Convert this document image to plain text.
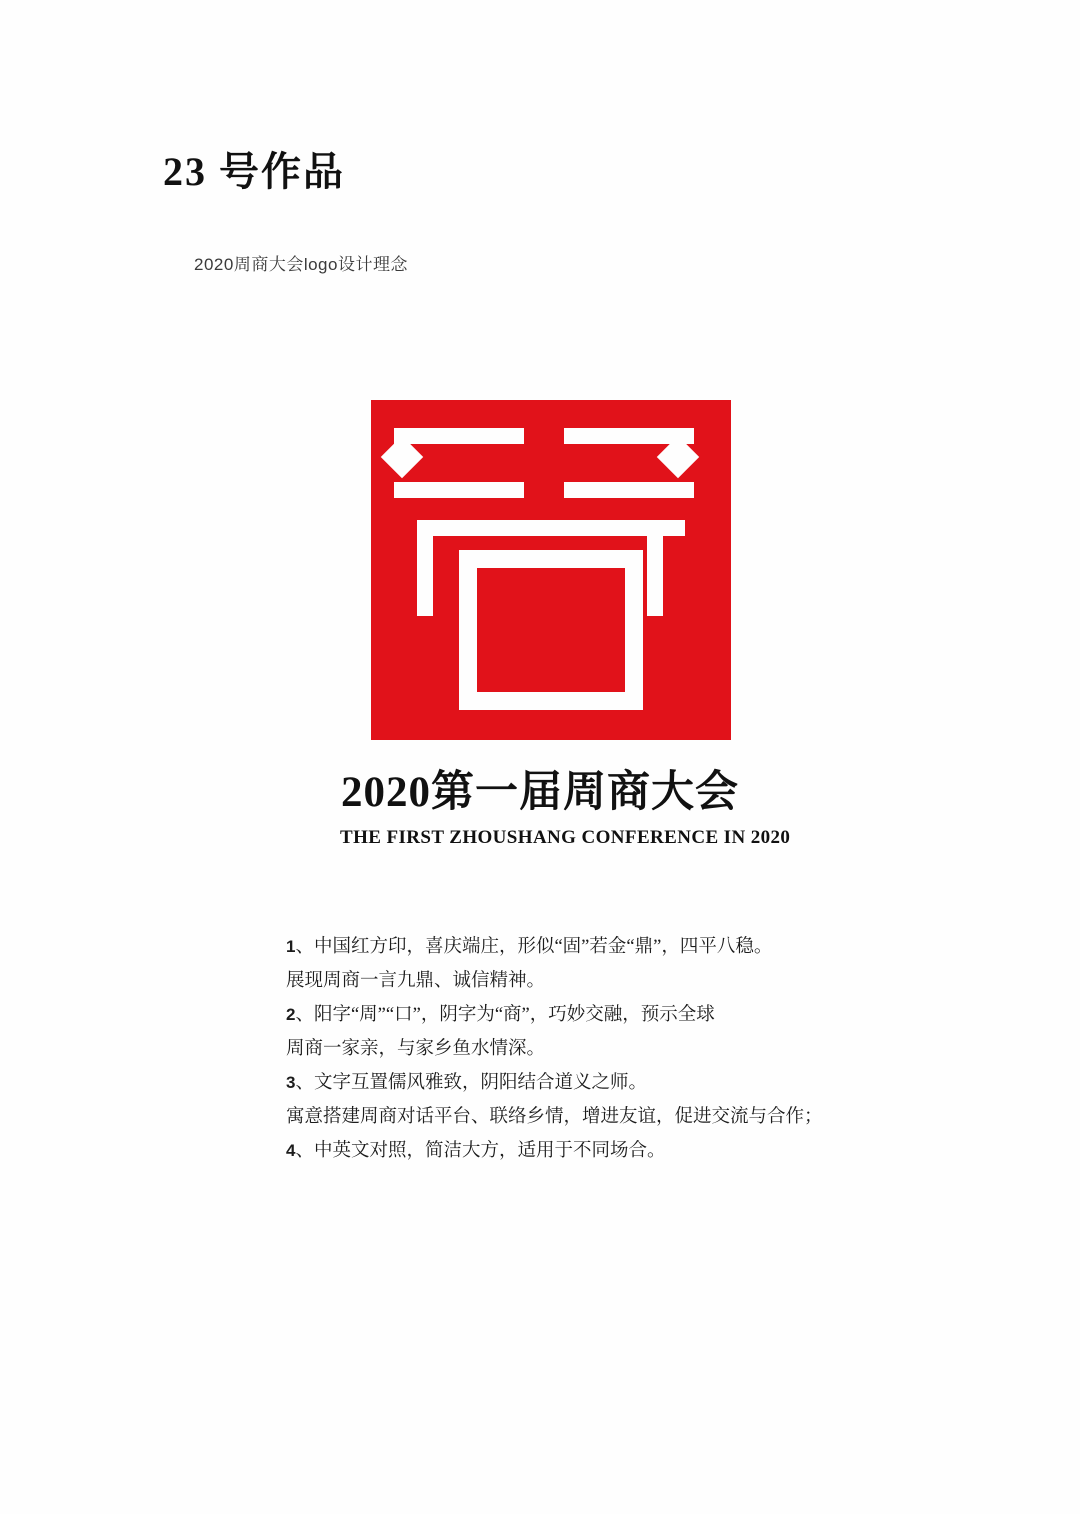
23 号作品
2020周商大会logo设计理念
2020第一届周商大会
THE FIRST ZHOUSHANG CONFERENCE IN 2020

1、中国红方印，喜庆端庄，形似“固”若金“鼎”，四平八稳。

展现周商一言九鼎、诚信精神。

2、阳字“周”“口”，阴字为“商”，巧妙交融，预示全球

周商一家亲，与家乡鱼水情深。

3、文字互置儒风雅致，阴阳结合道义之师。

寓意搭建周商对话平台、联络乡情，增进友谊，促进交流与合作；

4、中英文对照，简洁大方，适用于不同场合。
